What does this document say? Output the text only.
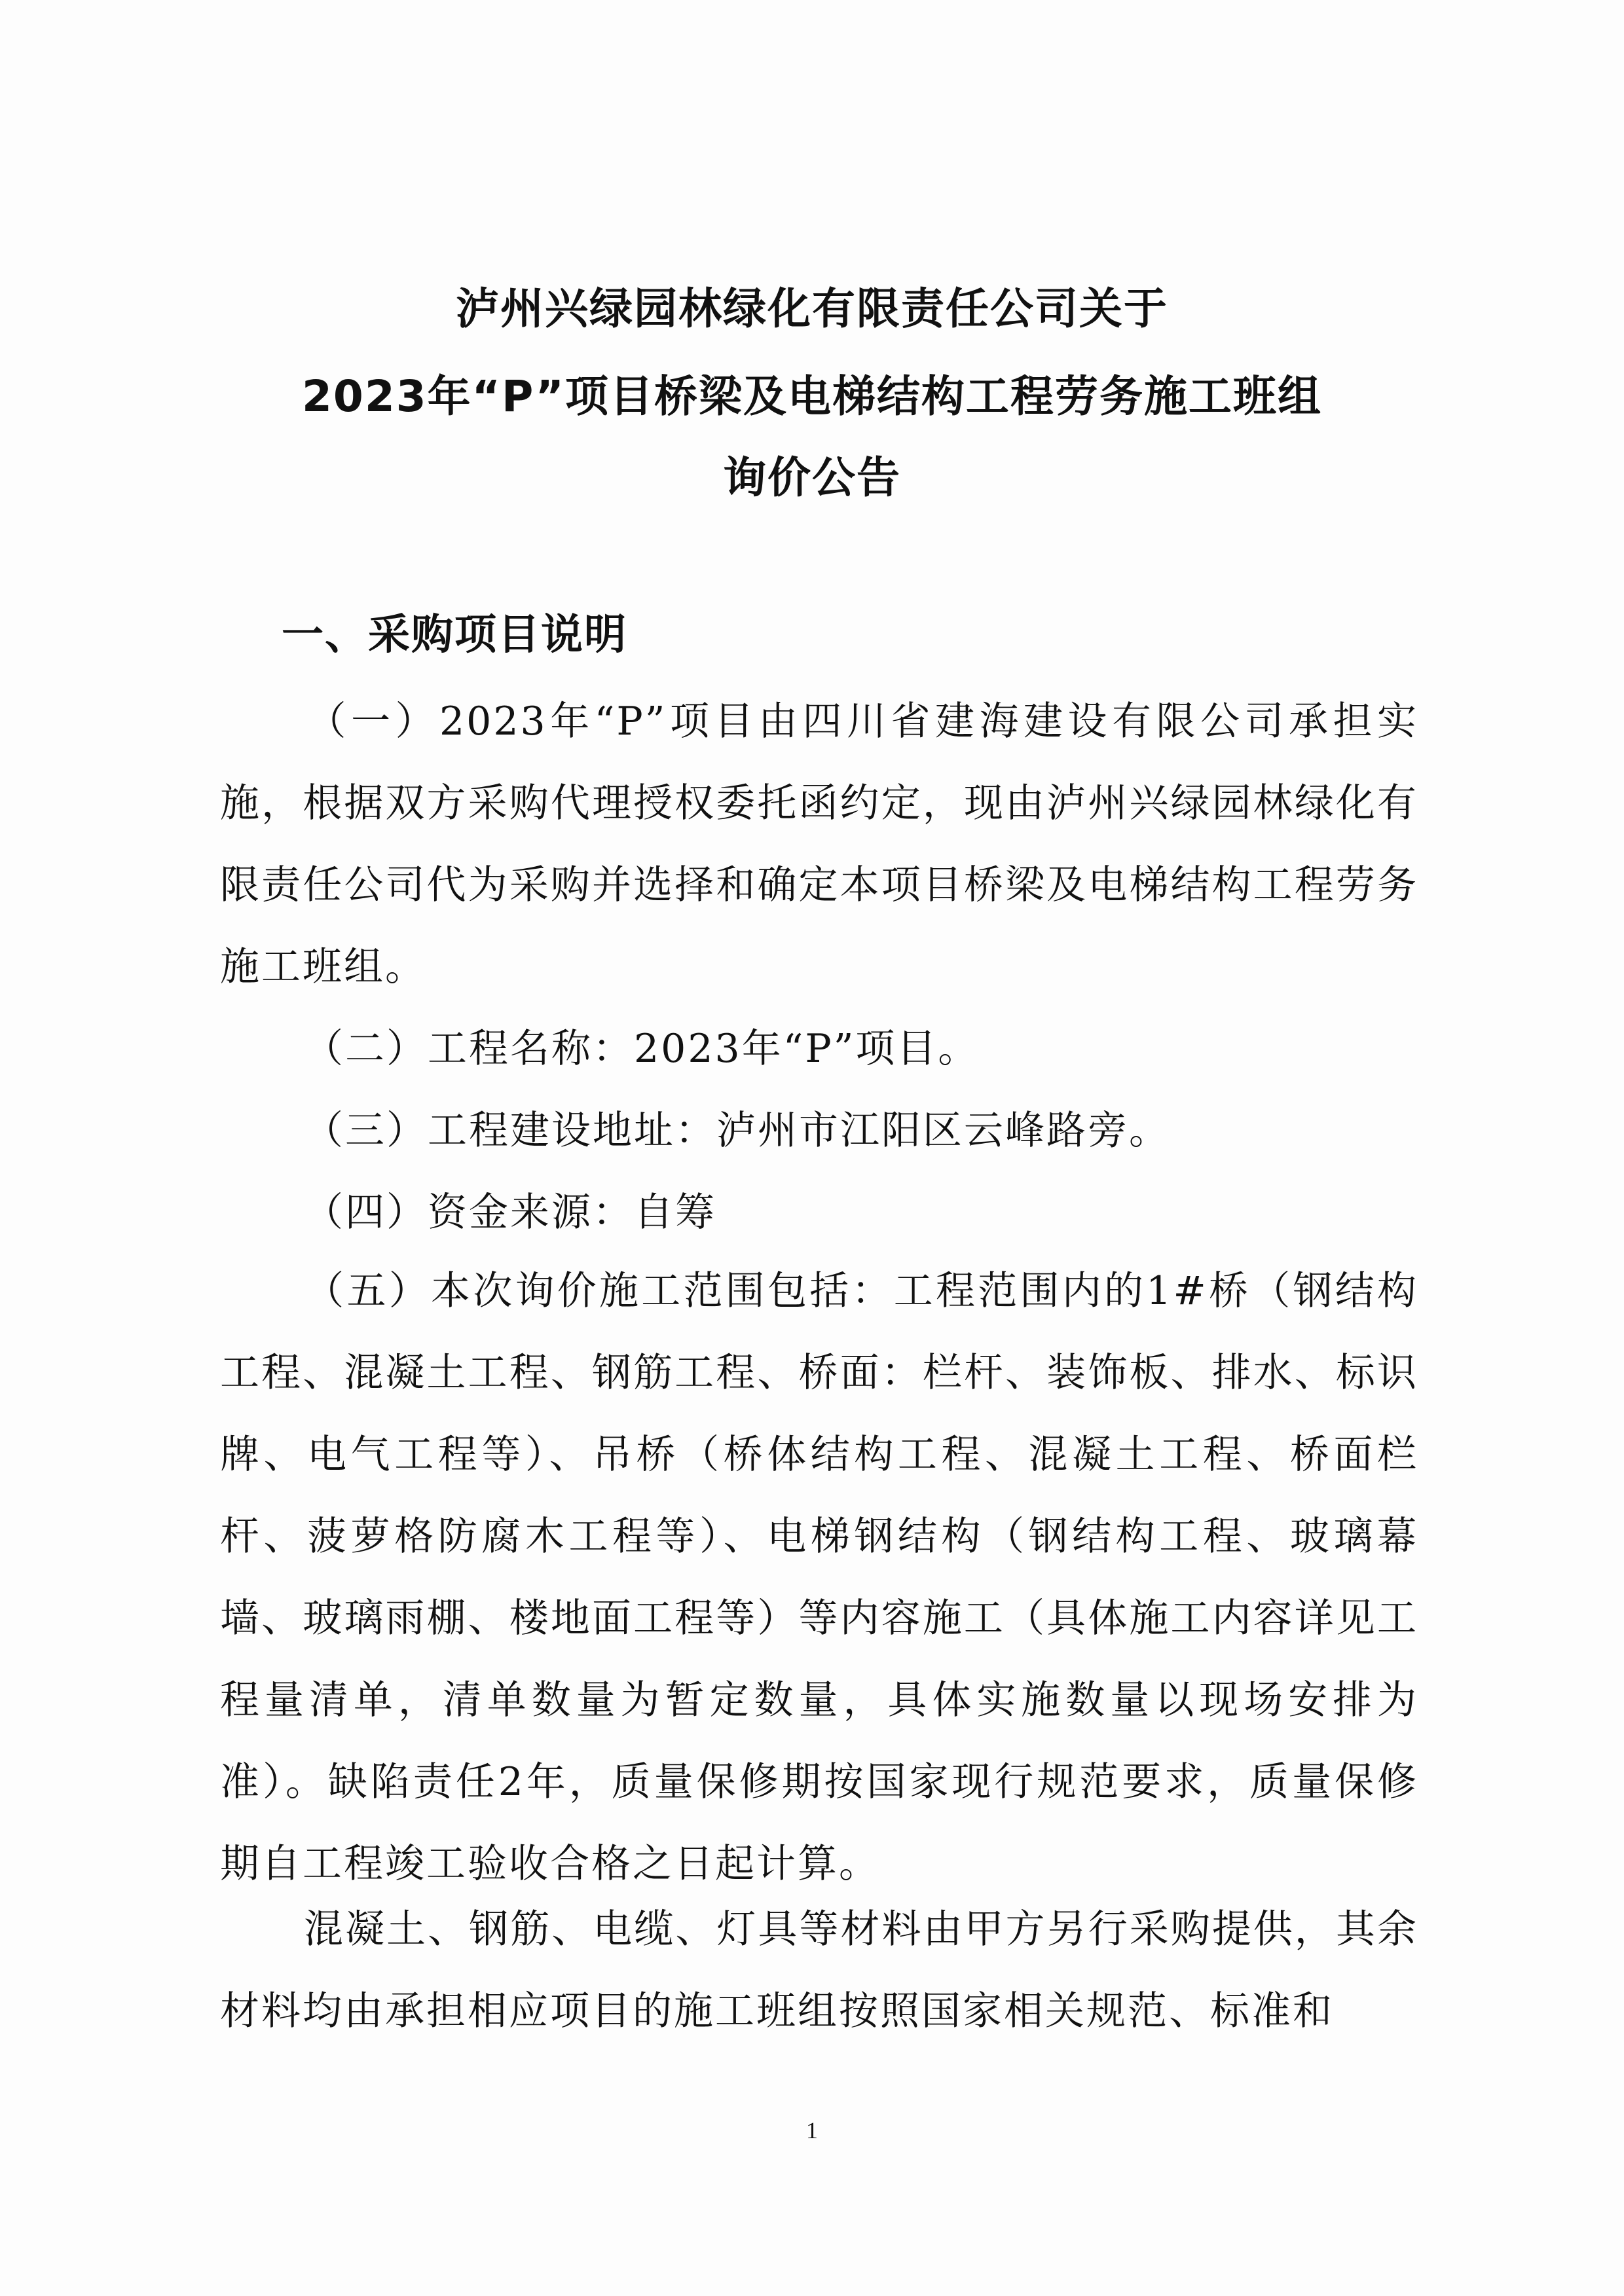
泸州兴绿园林绿化有限责任公司关于
2023年“P”项目桥梁及电梯结构工程劳务施工班组
询价公告
一、采购项目说明
（一）2023年“P”项目由四川省建海建设有限公司承担实施，根据双方采购代理授权委托函约定，现由泸州兴绿园林绿化有限责任公司代为采购并选择和确定本项目桥梁及电梯结构工程劳务施工班组。
（二）工程名称：2023年“P”项目。
（三）工程建设地址：泸州市江阳区云峰路旁。
（四）资金来源：自筹
（五）本次询价施工范围包括：工程范围内的1#桥（钢结构工程、混凝土工程、钢筋工程、桥面：栏杆、装饰板、排水、标识牌、电气工程等）、吊桥（桥体结构工程、混凝土工程、桥面栏杆、菠萝格防腐木工程等）、电梯钢结构（钢结构工程、玻璃幕墙、玻璃雨棚、楼地面工程等）等内容施工（具体施工内容详见工程量清单，清单数量为暂定数量，具体实施数量以现场安排为准）。缺陷责任2年，质量保修期按国家现行规范要求，质量保修期自工程竣工验收合格之日起计算。
混凝土、钢筋、电缆、灯具等材料由甲方另行采购提供，其余材料均由承担相应项目的施工班组按照国家相关规范、标准和
1
